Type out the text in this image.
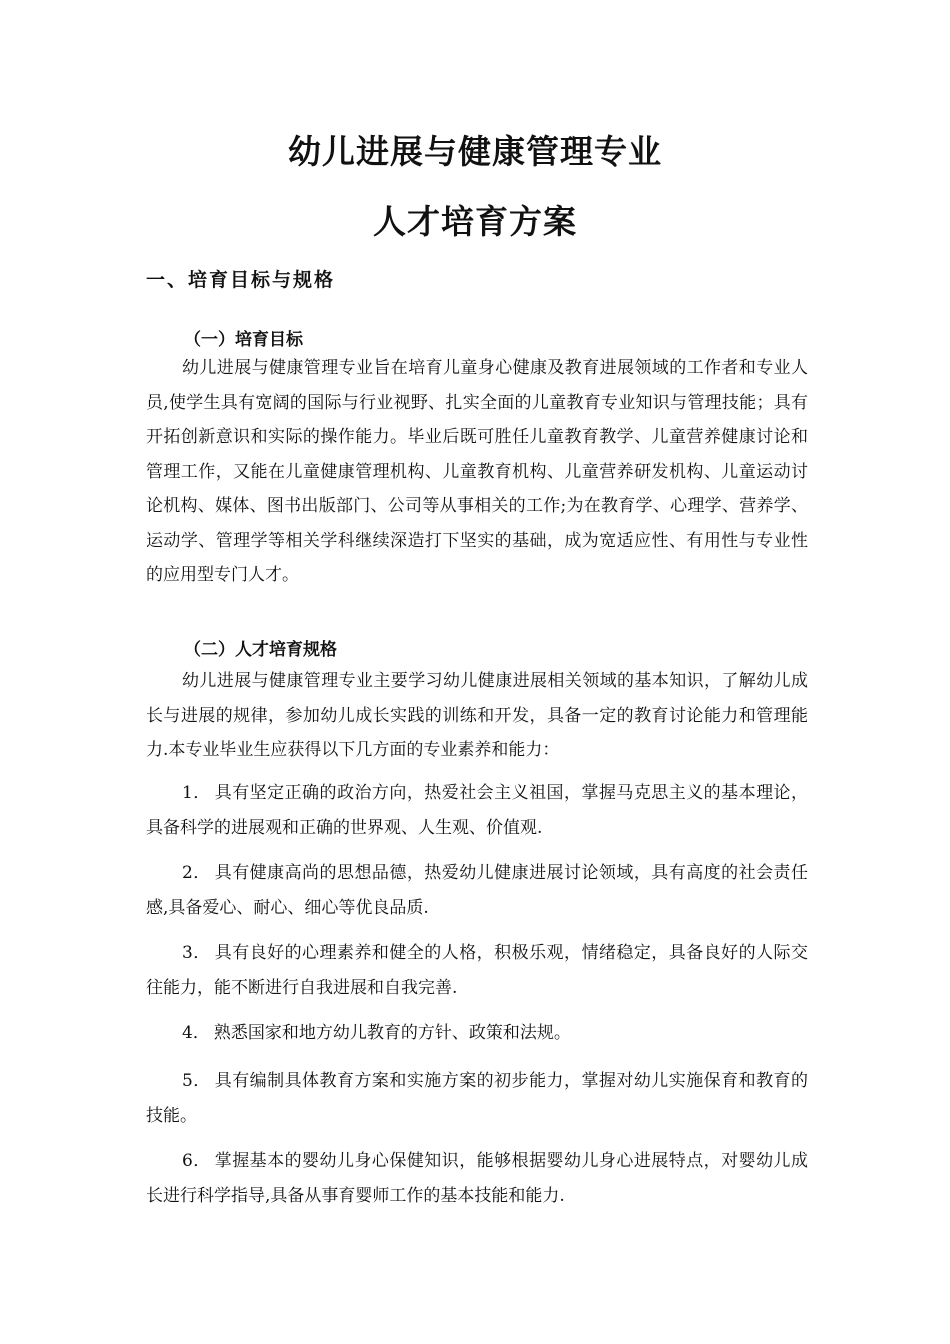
幼儿进展与健康管理专业
人才培育方案
一、培育目标与规格
（一）培育目标

幼儿进展与健康管理专业旨在培育儿童身心健康及教育进展领域的工作者和专业人员,使学生具有宽阔的国际与行业视野、扎实全面的儿童教育专业知识与管理技能；具有开拓创新意识和实际的操作能力。毕业后既可胜任儿童教育教学、儿童营养健康讨论和管理工作，又能在儿童健康管理机构、儿童教育机构、儿童营养研发机构、儿童运动讨论机构、媒体、图书出版部门、公司等从事相关的工作;为在教育学、心理学、营养学、运动学、管理学等相关学科继续深造打下坚实的基础，成为宽适应性、有用性与专业性的应用型专门人才。

（二）人才培育规格

幼儿进展与健康管理专业主要学习幼儿健康进展相关领域的基本知识，了解幼儿成长与进展的规律，参加幼儿成长实践的训练和开发，具备一定的教育讨论能力和管理能力.本专业毕业生应获得以下几方面的专业素养和能力：

1． 具有坚定正确的政治方向，热爱社会主义祖国，掌握马克思主义的基本理论，具备科学的进展观和正确的世界观、人生观、价值观.

2． 具有健康高尚的思想品德，热爱幼儿健康进展讨论领域，具有高度的社会责任感,具备爱心、耐心、细心等优良品质.

3． 具有良好的心理素养和健全的人格，积极乐观，情绪稳定，具备良好的人际交往能力，能不断进行自我进展和自我完善.

4． 熟悉国家和地方幼儿教育的方针、政策和法规。

5． 具有编制具体教育方案和实施方案的初步能力，掌握对幼儿实施保育和教育的技能。

6． 掌握基本的婴幼儿身心保健知识，能够根据婴幼儿身心进展特点，对婴幼儿成长进行科学指导,具备从事育婴师工作的基本技能和能力.
